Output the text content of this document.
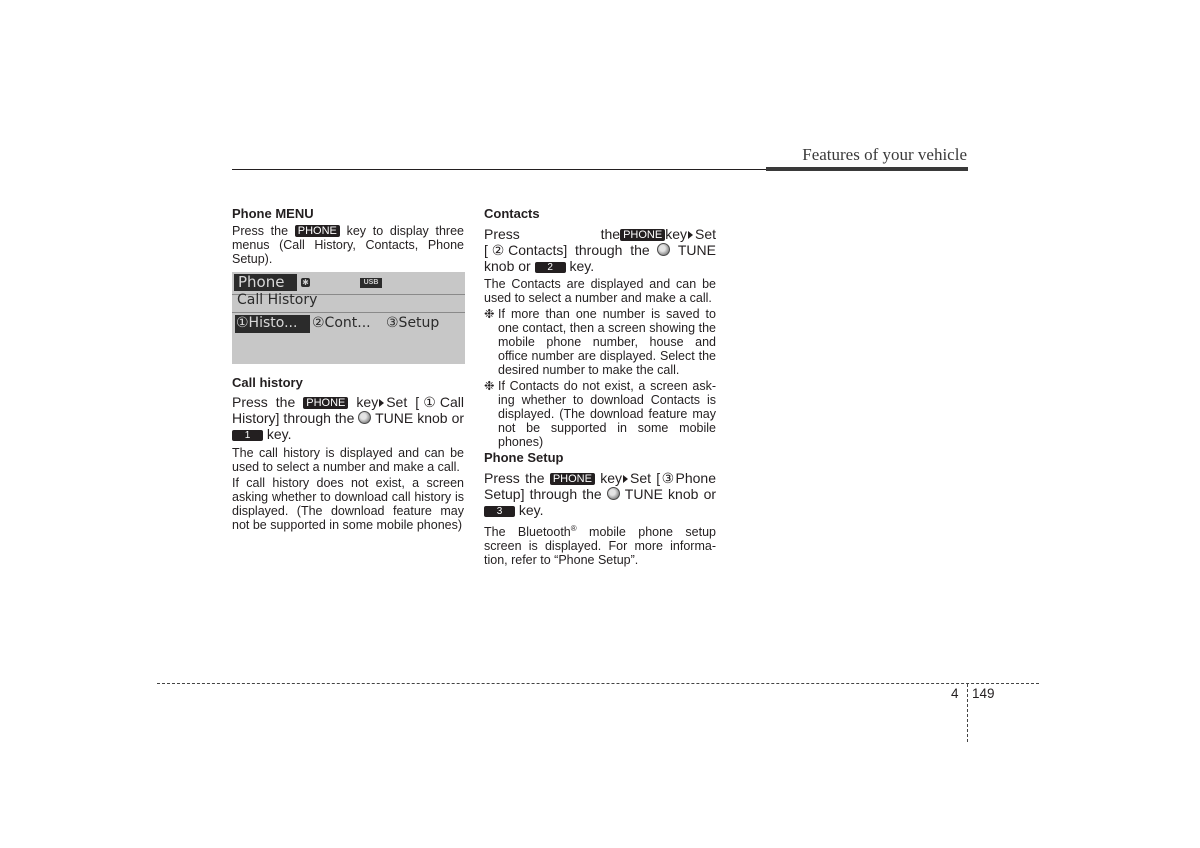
Features of your vehicle

Phone MENU

Press the PHONE key to display three menus (Call History, Contacts, Phone Setup).

Phone ✱	USB
Call History
①Histo... ②Cont... ③Setup

Call history

Press the PHONE key Set [①Call History] through the TUNE knob or 1 key.

The call history is displayed and can be used to select a number and make a call.

If call history does not exist, a screen asking whether to download call history is displayed. (The download feature may not be supported in some mobile phones)

Contacts

Press the PHONE key Set [②Contacts] through the TUNE knob or 2 key.

The Contacts are displayed and can be used to select a number and make a call.

❉ If more than one number is saved to one contact, then a screen showing the mobile phone number, house and office number are displayed. Select the desired number to make the call.

❉ If Contacts do not exist, a screen ask-ing whether to download Contacts is displayed. (The download feature may not be supported in some mobile phones)

Phone Setup

Press the PHONE key Set [③Phone Setup] through the TUNE knob or 3 key.

The Bluetooth® mobile phone setup screen is displayed. For more informa-tion, refer to “Phone Setup”.

4 149
